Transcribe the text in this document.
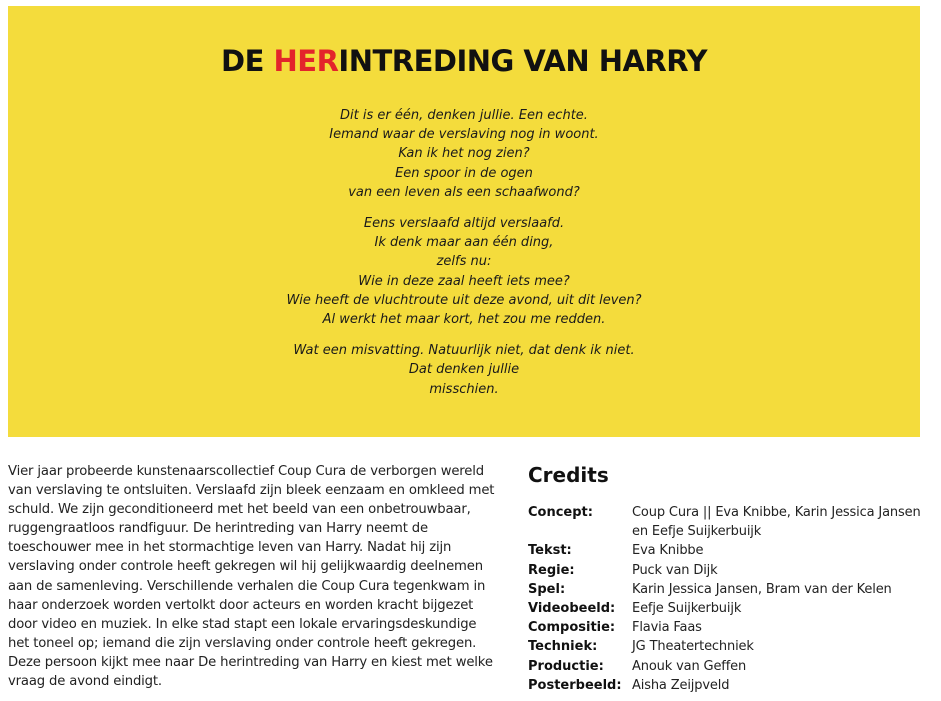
DE HERINTREDING VAN HARRY

Dit is er één, denken jullie. Een echte.
Iemand waar de verslaving nog in woont.
Kan ik het nog zien?
Een spoor in de ogen
van een leven als een schaafwond?

Eens verslaafd altijd verslaafd.
Ik denk maar aan één ding,
zelfs nu:
Wie in deze zaal heeft iets mee?
Wie heeft de vluchtroute uit deze avond, uit dit leven?
Al werkt het maar kort, het zou me redden.

Wat een misvatting. Natuurlijk niet, dat denk ik niet.
Dat denken jullie
misschien.

Vier jaar probeerde kunstenaarscollectief Coup Cura de verborgen wereld van verslaving te ontsluiten. Verslaafd zijn bleek eenzaam en omkleed met schuld. We zijn geconditioneerd met het beeld van een onbetrouwbaar, ruggengraatloos randfiguur. De herintreding van Harry neemt de toeschouwer mee in het stormachtige leven van Harry. Nadat hij zijn verslaving onder controle heeft gekregen wil hij gelijkwaardig deelnemen aan de samenleving. Verschillende verhalen die Coup Cura tegenkwam in haar onderzoek worden vertolkt door acteurs en worden kracht bijgezet door video en muziek. In elke stad stapt een lokale ervaringsdeskundige het toneel op; iemand die zijn verslaving onder controle heeft gekregen. Deze persoon kijkt mee naar De herintreding van Harry en kiest met welke vraag de avond eindigt.

Credits
Concept:	Coup Cura || Eva Knibbe, Karin Jessica Jansen en Eefje Suijkerbuijk
Tekst:	Eva Knibbe
Regie:	Puck van Dijk
Spel:	Karin Jessica Jansen, Bram van der Kelen
Videobeeld:	Eefje Suijkerbuijk
Compositie:	Flavia Faas
Techniek:	JG Theatertechniek
Productie:	Anouk van Geffen
Posterbeeld: Aisha Zeijpveld
